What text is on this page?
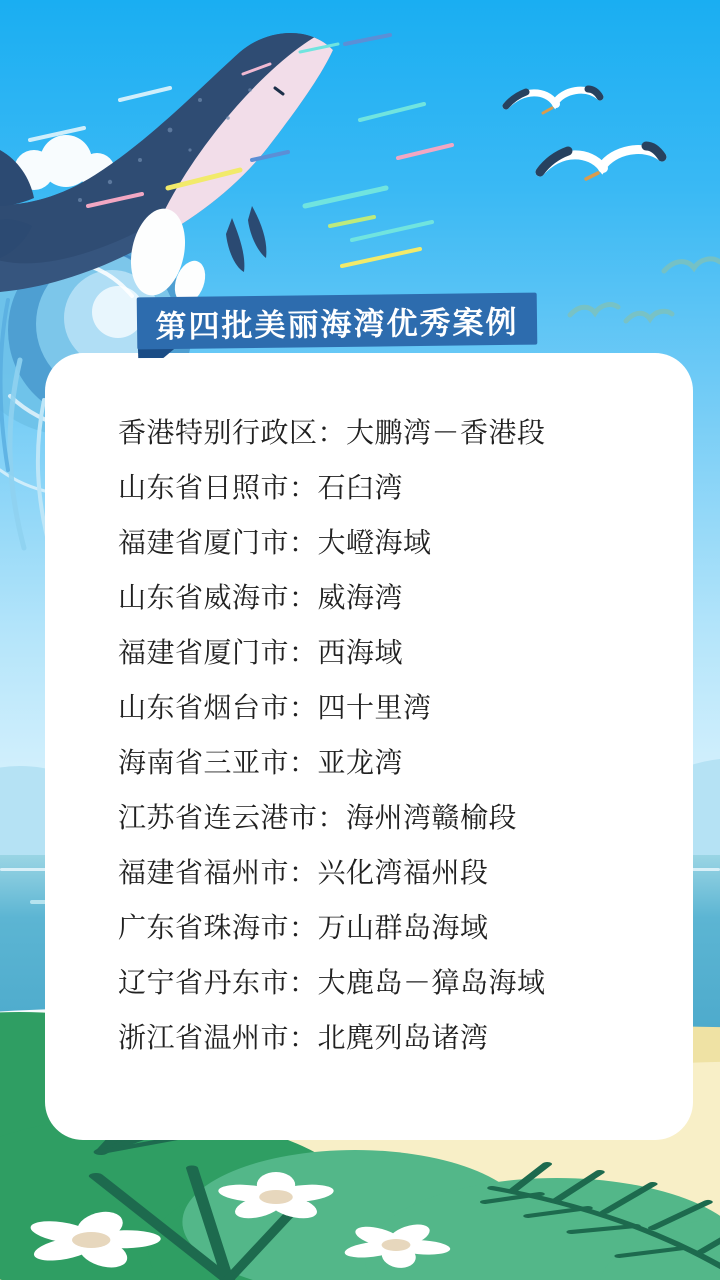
香港特别行政区：大鹏湾－香港段
山东省日照市：石臼湾
福建省厦门市：大嶝海域
山东省威海市：威海湾
福建省厦门市：西海域
山东省烟台市：四十里湾
海南省三亚市：亚龙湾
江苏省连云港市：海州湾赣榆段
福建省福州市：兴化湾福州段
广东省珠海市：万山群岛海域
辽宁省丹东市：大鹿岛－獐岛海域
浙江省温州市：北麂列岛诸湾
第四批美丽海湾优秀案例
